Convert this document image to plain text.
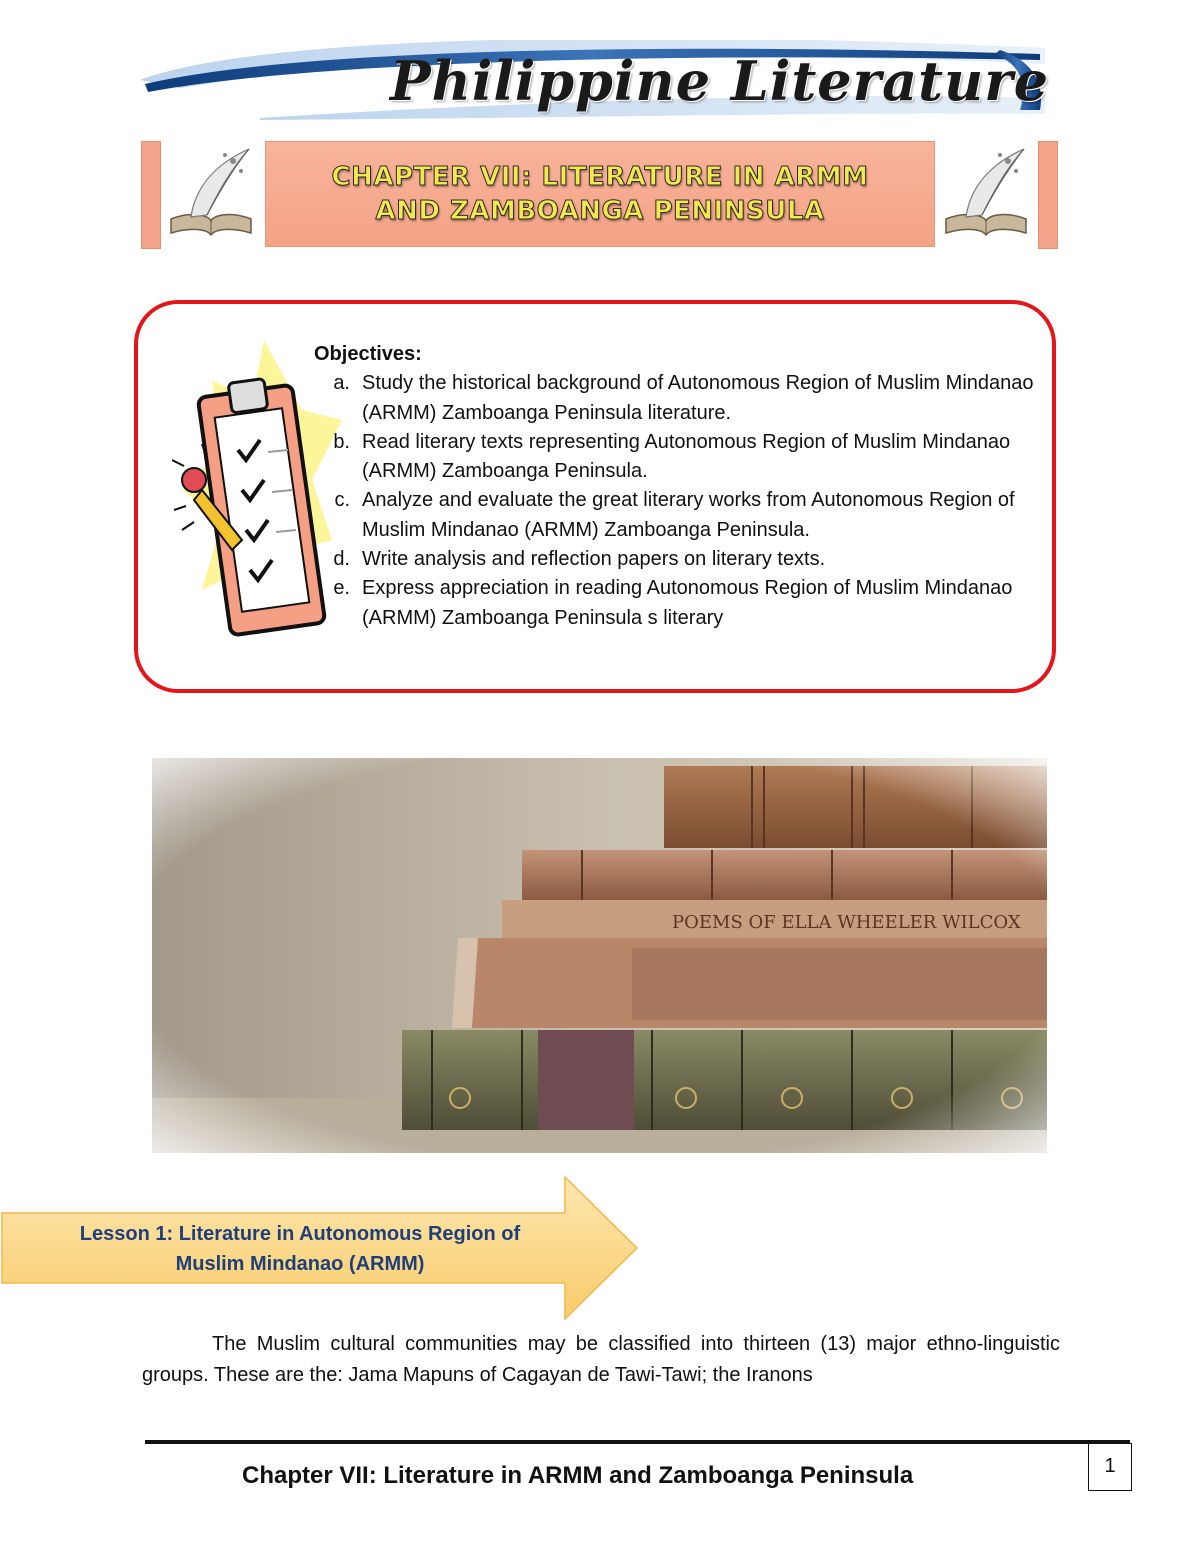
Philippine Literature
CHAPTER VII: LITERATURE IN ARMM
AND ZAMBOANGA PENINSULA
Objectives:
a. Study the historical background of Autonomous Region of Muslim Mindanao (ARMM) Zamboanga Peninsula literature.
b. Read literary texts representing Autonomous Region of Muslim Mindanao (ARMM) Zamboanga Peninsula.
c. Analyze and evaluate the great literary works from Autonomous Region of Muslim Mindanao (ARMM) Zamboanga Peninsula.
d. Write analysis and reflection papers on literary texts.
e. Express appreciation in reading Autonomous Region of Muslim Mindanao (ARMM) Zamboanga Peninsula s literary
Lesson 1: Literature in Autonomous Region of
Muslim Mindanao (ARMM)
The Muslim cultural communities may be classified into thirteen (13) major ethno-linguistic groups. These are the: Jama Mapuns of Cagayan de Tawi-Tawi; the Iranons
Chapter VII: Literature in ARMM and Zamboanga Peninsula	1
